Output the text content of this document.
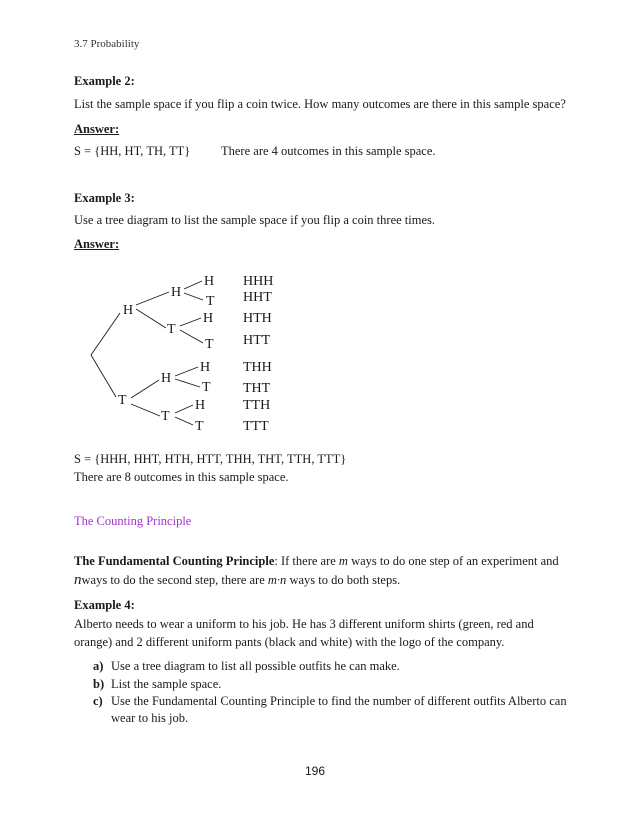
3.7 Probability
Example 2:
List the sample space if you flip a coin twice. How many outcomes are there in this sample space?
Answer:
S = {HH, HT, TH, TT} There are 4 outcomes in this sample space.
Example 3:
Use a tree diagram to list the sample space if you flip a coin three times.
Answer:
H
T
H
T
H
T
H
T
H
T
H
T
H
T
HHH
HHT
HTH
HTT
THH
THT
TTH
TTT
S = {HHH, HHT, HTH, HTT, THH, THT, TTH, TTT}
There are 8 outcomes in this sample space.
The Counting Principle
The Fundamental Counting Principle: If there are m ways to do one step of an experiment and
nways to do the second step, there are m·n ways to do both steps.
Example 4:
Alberto needs to wear a uniform to his job. He has 3 different uniform shirts (green, red and
orange) and 2 different uniform pants (black and white) with the logo of the company.
a) Use a tree diagram to list all possible outfits he can make.
b) List the sample space.
c) Use the Fundamental Counting Principle to find the number of different outfits Alberto can
wear to his job.
196
